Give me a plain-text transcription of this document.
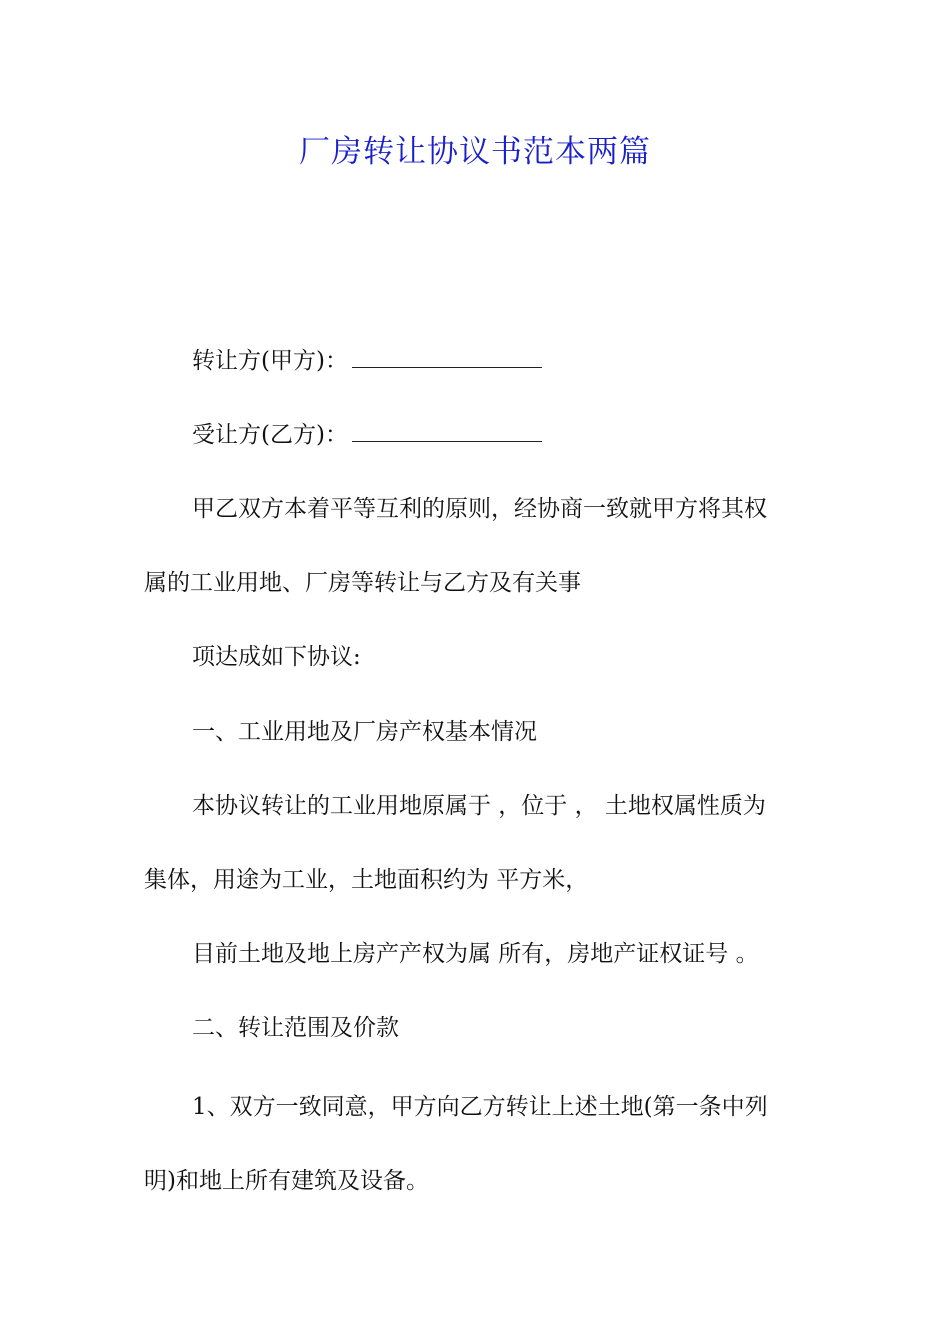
厂房转让协议书范本两篇

转让方(甲方)：

受让方(乙方)：

甲乙双方本着平等互利的原则，经协商一致就甲方将其权

属的工业用地、厂房等转让与乙方及有关事

项达成如下协议:

一、工业用地及厂房产权基本情况

本协议转让的工业用地原属于 ，位于 ， 土地权属性质为

集体，用途为工业，土地面积约为 平方米，

目前土地及地上房产产权为属 所有，房地产证权证号 。

二、转让范围及价款

1、双方一致同意，甲方向乙方转让上述土地(第一条中列

明)和地上所有建筑及设备。
